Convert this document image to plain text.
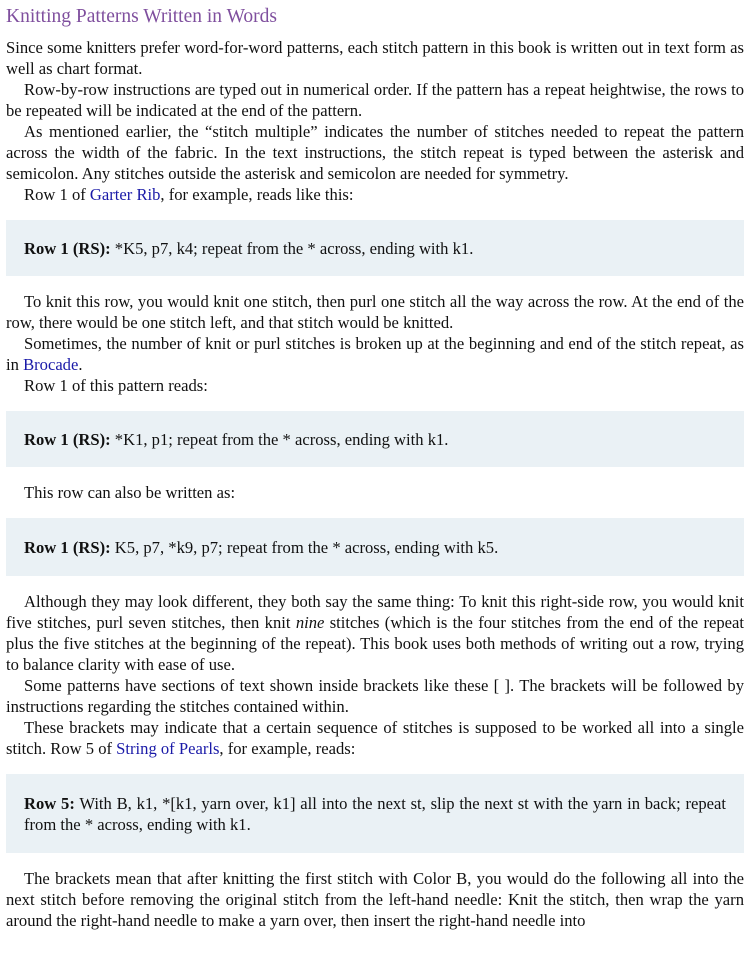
Knitting Patterns Written in Words

Since some knitters prefer word-for-word patterns, each stitch pattern in this book is written out in text form as well as chart format.

Row-by-row instructions are typed out in numerical order. If the pattern has a repeat heightwise, the rows to be repeated will be indicated at the end of the pattern.

As mentioned earlier, the “stitch multiple” indicates the number of stitches needed to repeat the pattern across the width of the fabric. In the text instructions, the stitch repeat is typed between the asterisk and semicolon. Any stitches outside the asterisk and semicolon are needed for symmetry.

Row 1 of Garter Rib, for example, reads like this:

Row 1 (RS): *K5, p7, k4; repeat from the * across, ending with k1.

To knit this row, you would knit one stitch, then purl one stitch all the way across the row. At the end of the row, there would be one stitch left, and that stitch would be knitted.

Sometimes, the number of knit or purl stitches is broken up at the beginning and end of the stitch repeat, as in Brocade.

Row 1 of this pattern reads:

Row 1 (RS): *K1, p1; repeat from the * across, ending with k1.

This row can also be written as:

Row 1 (RS): K5, p7, *k9, p7; repeat from the * across, ending with k5.

Although they may look different, they both say the same thing: To knit this right-side row, you would knit five stitches, purl seven stitches, then knit nine stitches (which is the four stitches from the end of the repeat plus the five stitches at the beginning of the repeat). This book uses both methods of writing out a row, trying to balance clarity with ease of use.

Some patterns have sections of text shown inside brackets like these [ ]. The brackets will be followed by instructions regarding the stitches contained within.

These brackets may indicate that a certain sequence of stitches is supposed to be worked all into a single stitch. Row 5 of String of Pearls, for example, reads:

Row 5: With B, k1, *[k1, yarn over, k1] all into the next st, slip the next st with the yarn in back; repeat from the * across, ending with k1.

The brackets mean that after knitting the first stitch with Color B, you would do the following all into the next stitch before removing the original stitch from the left-hand needle: Knit the stitch, then wrap the yarn around the right-hand needle to make a yarn over, then insert the right-hand needle into
